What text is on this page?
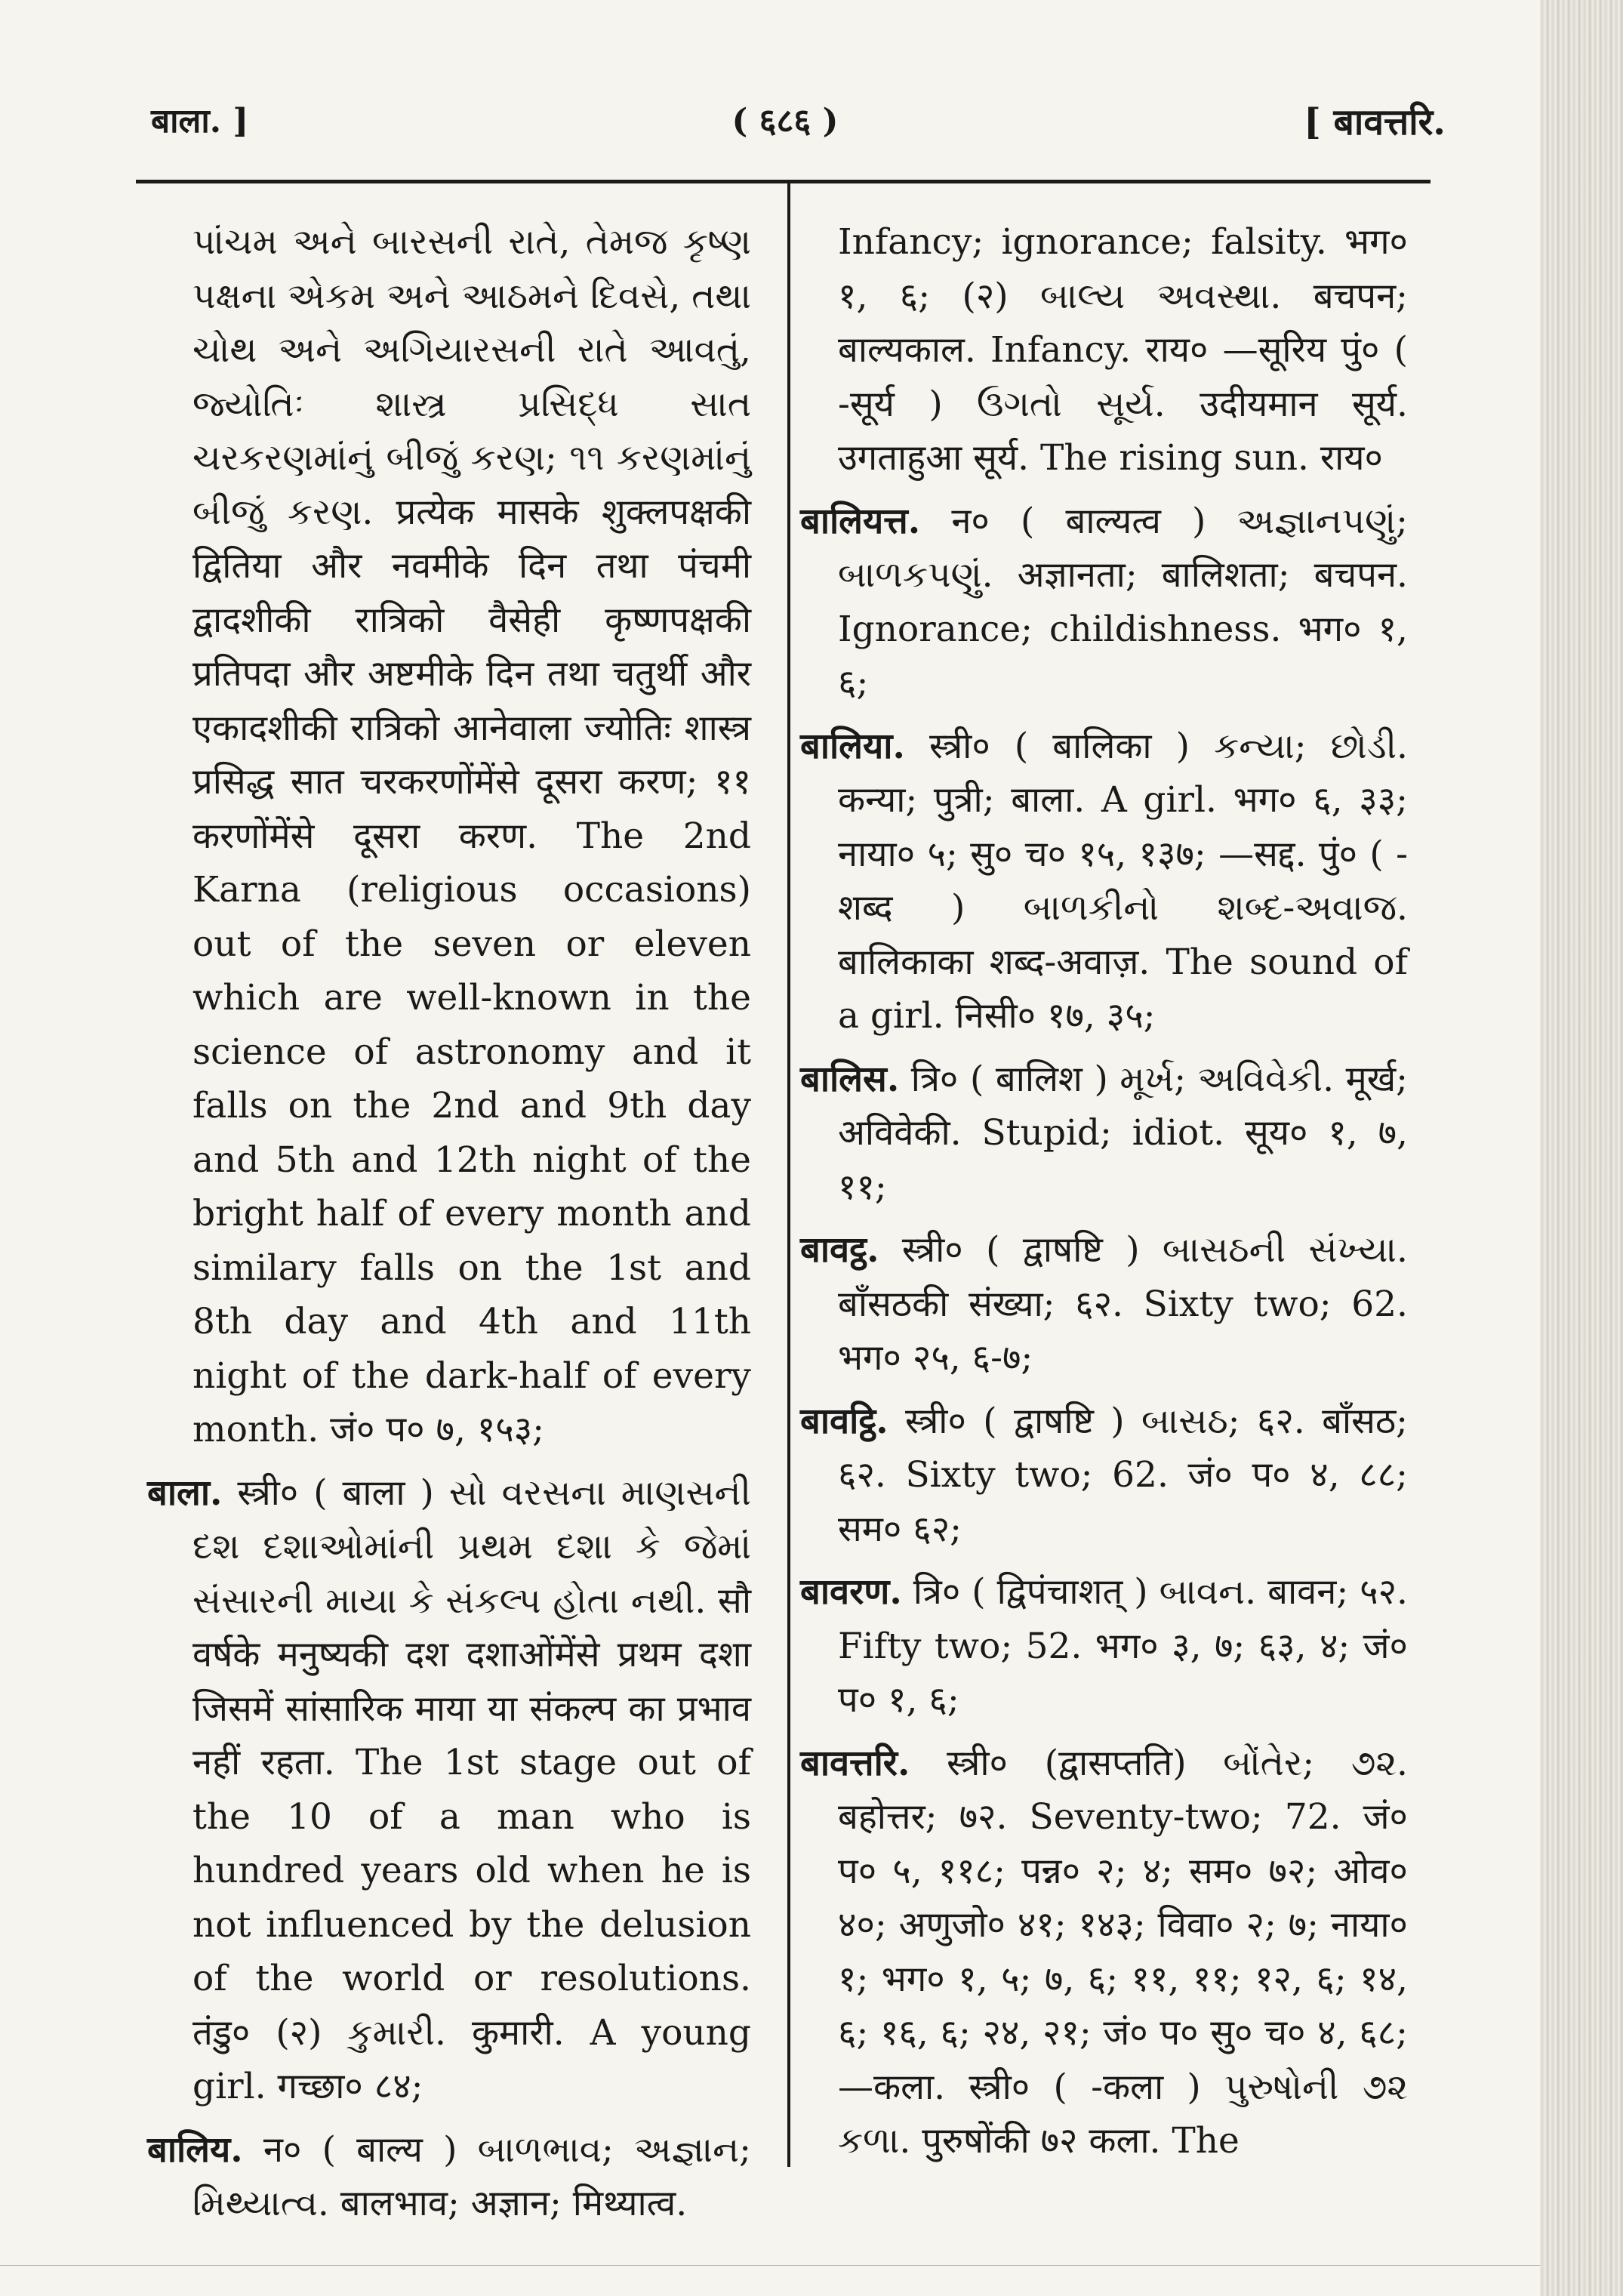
बाला. ]	( ६८६ )	[ बावत्तरि.
પાંચમ અને બારસની રાતે, તેમજ કૃષ્ણ પક્ષના એકમ અને આઠમને દિવસે, તથા ચોથ અને અગિયારસની રાતે આવતું, જ્યોતિઃ શાસ્ત્ર પ્રસિદ્ધ સાત ચરકરણમાંનું બીજું કરણ; ૧૧ કરણમાંનું બીજું કરણ. प्रत्येक मासके शुक्लपक्षकी द्वितिया और नवमीके दिन तथा पंचमी द्वादशीकी रात्रिको वैसेही कृष्णपक्षकी प्रतिपदा और अष्टमीके दिन तथा चतुर्थी और एकादशीकी रात्रिको आनेवाला ज्योतिः शास्त्र प्रसिद्ध सात चरकरणोंमेंसे दूसरा करण; ११ करणोंमेंसे दूसरा करण. The 2nd Karna (religious occasions) out of the seven or eleven which are well-known in the science of astronomy and it falls on the 2nd and 9th day and 5th and 12th night of the bright half of every month and similary falls on the 1st and 8th day and 4th and 11th night of the dark-half of every month. जं० प० ७, १५३;
बाला. स्त्री० ( बाला ) સો વરસના માણસની દશ દશાઓમાંની પ્રથમ દશા કે જેમાં સંસારની માયા કે સંકલ્પ હોતા નથી. सौ वर्षके मनुष्यकी दश दशाओंमेंसे प्रथम दशा जिसमें सांसारिक माया या संकल्प का प्रभाव नहीं रहता. The 1st stage out of the 10 of a man who is hundred years old when he is not influenced by the delusion of the world or resolutions. तंडु० (२) કુમારી. कुमारी. A young girl. गच्छा० ८४;
बालिय. न० ( बाल्य ) બાળભાવ; અજ્ઞાન; મિથ્યાત્વ. बालभाव; अज्ञान; मिथ्यात्व.
Infancy; ignorance; falsity. भग० १, ६; (२) બાલ્ય અવસ્થા. बचपन; बाल्यकाल. Infancy. राय० —सूरिय पुं० ( -सूर्य ) ઉગતો સૂર્ય. उदीयमान सूर्य. उगताहुआ सूर्य. The rising sun. राय०
बालियत्त. न० ( बाल्यत्व ) અજ્ઞાનપણું; બાળકપણું. अज्ञानता; बालिशता; बचपन. Ignorance; childishness. भग० १, ६;
बालिया. स्त्री० ( बालिका ) કન્યા; છોડી. कन्या; पुत्री; बाला. A girl. भग० ६, ३३; नाया० ५; सु० च० १५, १३७; —सद्द. पुं० ( -शब्द ) બાળકીનો શબ્દ-અવાજ. बालिकाका शब्द-अवाज़. The sound of a girl. निसी० १७, ३५;
बालिस. त्रि० ( बालिश ) મૂર્ખ; અવિવેકી. मूर्ख; अविवेकी. Stupid; idiot. सूय० १, ७, ११;
बावट्ठ. स्त्री० ( द्वाषष्टि ) બાસઠની સંખ્યા. बाँसठकी संख्या; ६२. Sixty two; 62. भग० २५, ६-७;
बावट्ठि. स्त्री० ( द्वाषष्टि ) બાસઠ; ६२. बाँसठ; ६२. Sixty two; 62. जं० प० ४, ८८; सम० ६२;
बावरण. त्रि० ( द्विपंचाशत् ) બાવન. बावन; ५२. Fifty two; 52. भग० ३, ७; ६३, ४; जं० प० १, ६;
बावत्तरि. स्त्री० (द्वासप्तति) બોંતેર; ૭૨. बहोत्तर; ७२. Seventy-two; 72. जं० प० ५, ११८; पन्न० २; ४; सम० ७२; ओव० ४०; अणुजो० ४१; १४३; विवा० २; ७; नाया० १; भग० १, ५; ७, ६; ११, ११; १२, ६; १४, ६; १६, ६; २४, २१; जं० प० सु० च० ४, ६८; —कला. स्त्री० ( -कला ) પુરુષોની ૭૨ કળા. पुरुषोंकी ७२ कला. The
